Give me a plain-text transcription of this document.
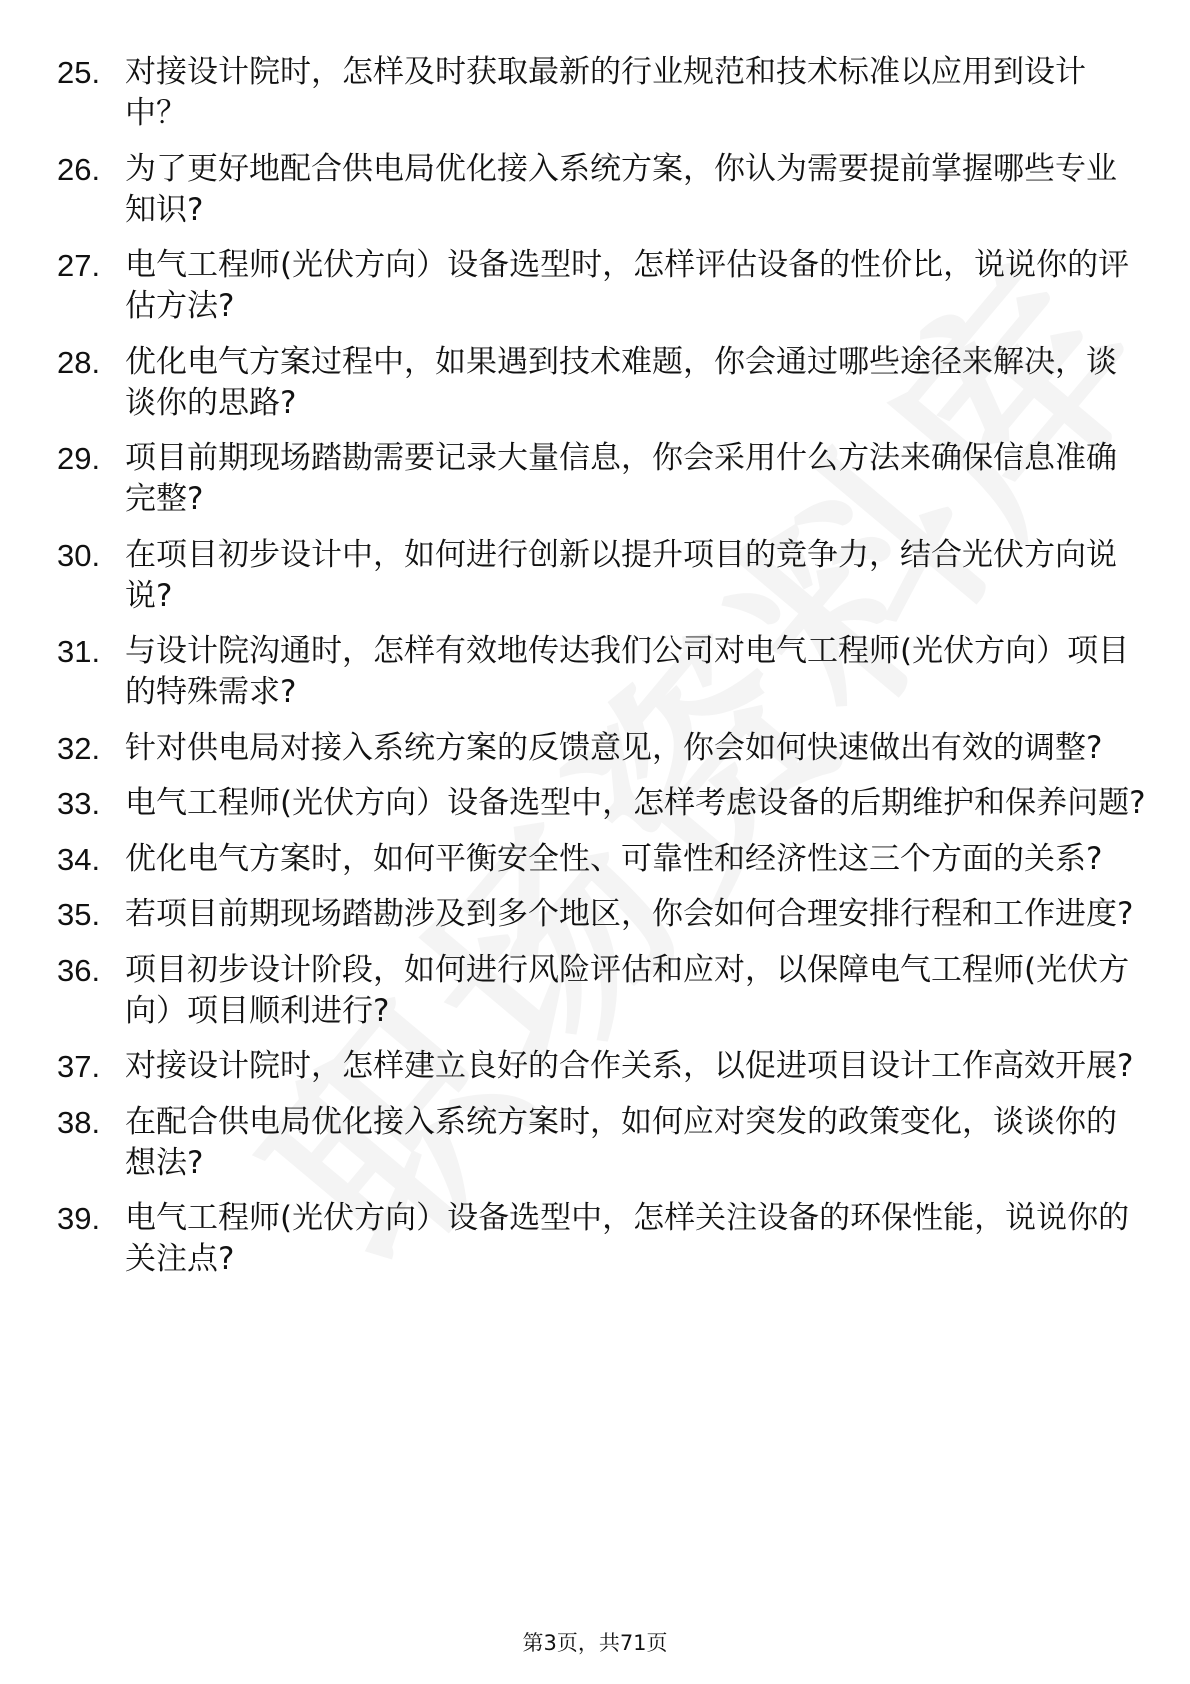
25. 对接设计院时，怎样及时获取最新的行业规范和技术标准以应用到设计中？
26. 为了更好地配合供电局优化接入系统方案，你认为需要提前掌握哪些专业知识?
27. 电气工程师(光伏方向）设备选型时，怎样评估设备的性价比，说说你的评估方法?
28. 优化电气方案过程中，如果遇到技术难题，你会通过哪些途径来解决，谈谈你的思路?
29. 项目前期现场踏勘需要记录大量信息，你会采用什么方法来确保信息准确完整?
30. 在项目初步设计中，如何进行创新以提升项目的竞争力，结合光伏方向说说?
31. 与设计院沟通时，怎样有效地传达我们公司对电气工程师(光伏方向）项目的特殊需求?
32. 针对供电局对接入系统方案的反馈意见，你会如何快速做出有效的调整?
33. 电气工程师(光伏方向）设备选型中，怎样考虑设备的后期维护和保养问题?
34. 优化电气方案时，如何平衡安全性、可靠性和经济性这三个方面的关系?
35. 若项目前期现场踏勘涉及到多个地区，你会如何合理安排行程和工作进度?
36. 项目初步设计阶段，如何进行风险评估和应对，以保障电气工程师(光伏方向）项目顺利进行?
37. 对接设计院时，怎样建立良好的合作关系，以促进项目设计工作高效开展?
38. 在配合供电局优化接入系统方案时，如何应对突发的政策变化，谈谈你的想法?
39. 电气工程师(光伏方向）设备选型中，怎样关注设备的环保性能，说说你的关注点?
第3页，共71页
